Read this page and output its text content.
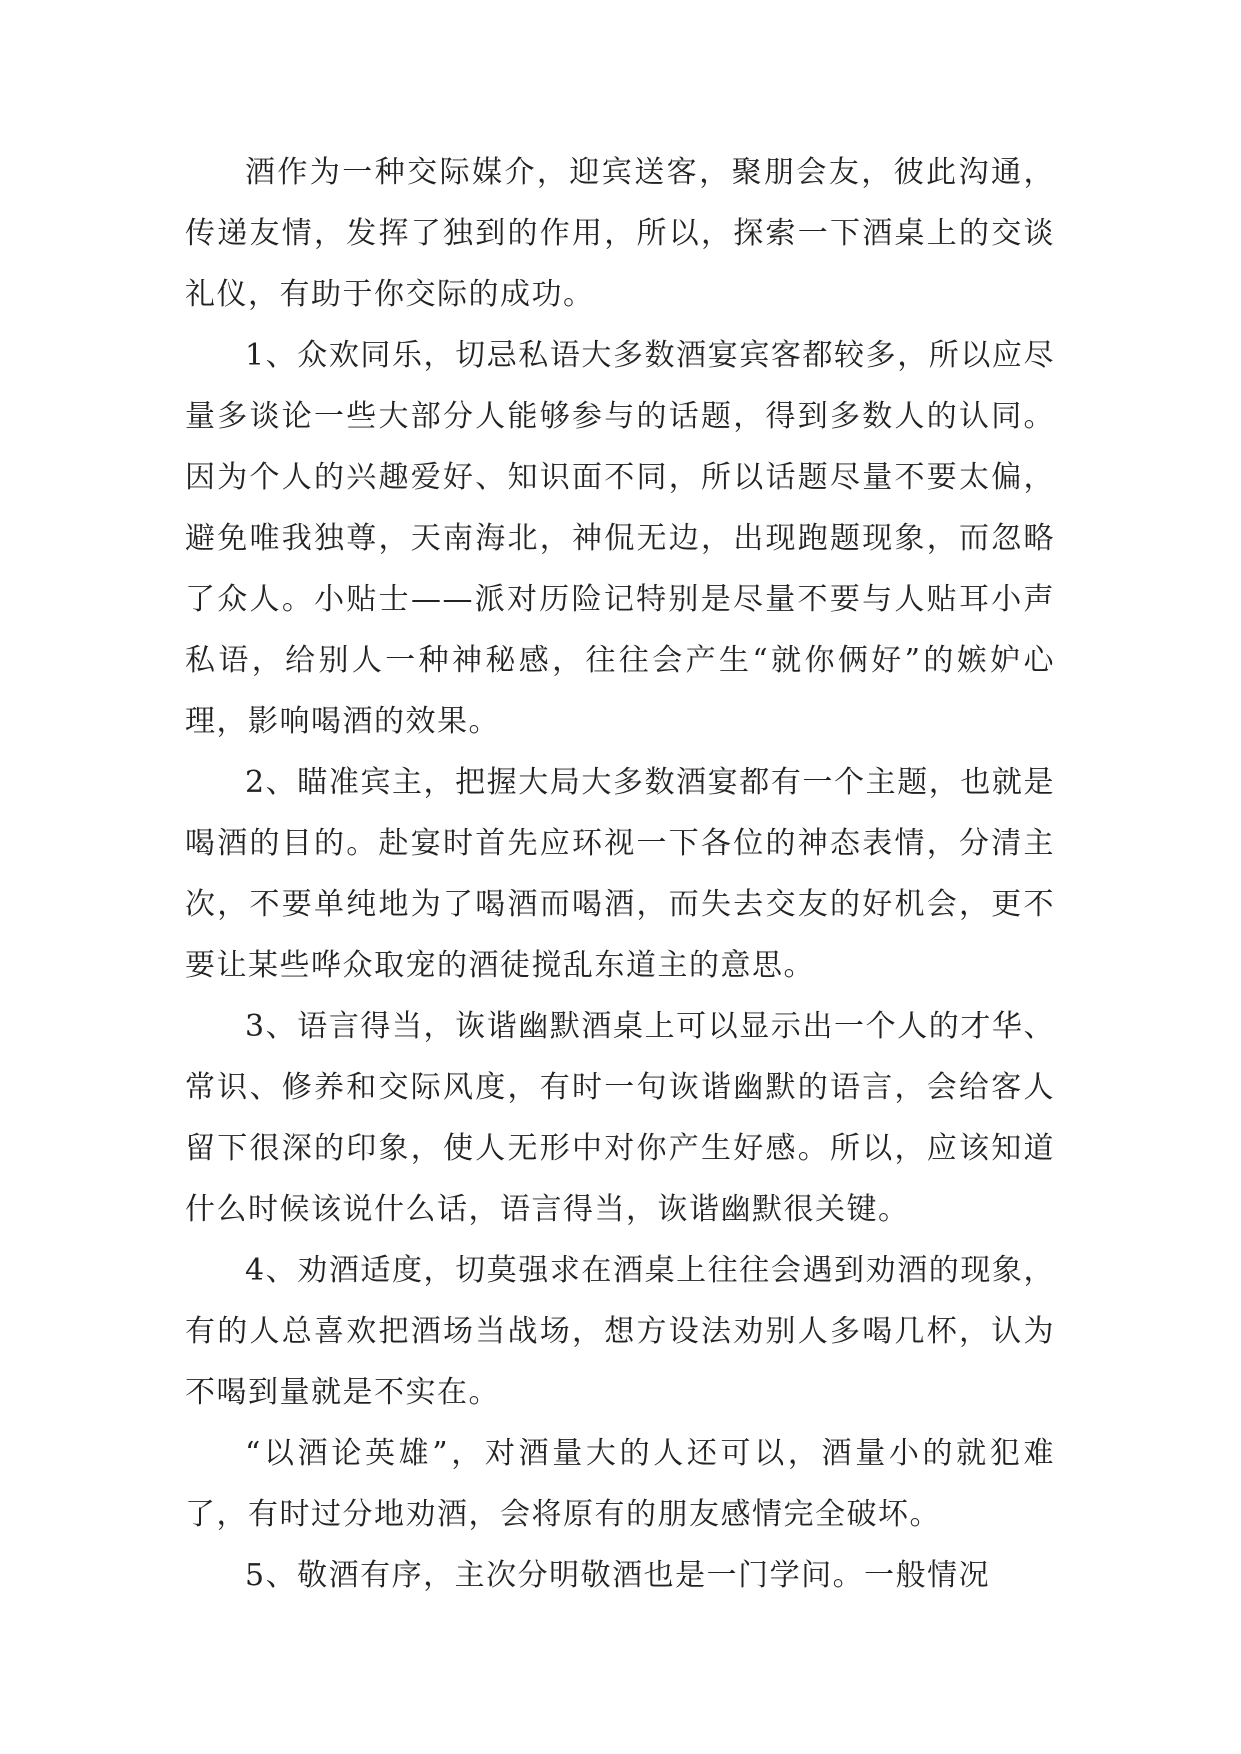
酒作为一种交际媒介，迎宾送客，聚朋会友，彼此沟通，传递友情，发挥了独到的作用，所以，探索一下酒桌上的交谈礼仪，有助于你交际的成功。

1、众欢同乐，切忌私语大多数酒宴宾客都较多，所以应尽量多谈论一些大部分人能够参与的话题，得到多数人的认同。因为个人的兴趣爱好、知识面不同，所以话题尽量不要太偏，避免唯我独尊，天南海北，神侃无边，出现跑题现象，而忽略了众人。小贴士——派对历险记特别是尽量不要与人贴耳小声私语，给别人一种神秘感，往往会产生“就你俩好”的嫉妒心理，影响喝酒的效果。

2、瞄准宾主，把握大局大多数酒宴都有一个主题，也就是喝酒的目的。赴宴时首先应环视一下各位的神态表情，分清主次，不要单纯地为了喝酒而喝酒，而失去交友的好机会，更不要让某些哗众取宠的酒徒搅乱东道主的意思。

3、语言得当，诙谐幽默酒桌上可以显示出一个人的才华、常识、修养和交际风度，有时一句诙谐幽默的语言，会给客人留下很深的印象，使人无形中对你产生好感。所以，应该知道什么时候该说什么话，语言得当，诙谐幽默很关键。

4、劝酒适度，切莫强求在酒桌上往往会遇到劝酒的现象，有的人总喜欢把酒场当战场，想方设法劝别人多喝几杯，认为不喝到量就是不实在。

“以酒论英雄”，对酒量大的人还可以，酒量小的就犯难了，有时过分地劝酒，会将原有的朋友感情完全破坏。

5、敬酒有序，主次分明敬酒也是一门学问。一般情况
